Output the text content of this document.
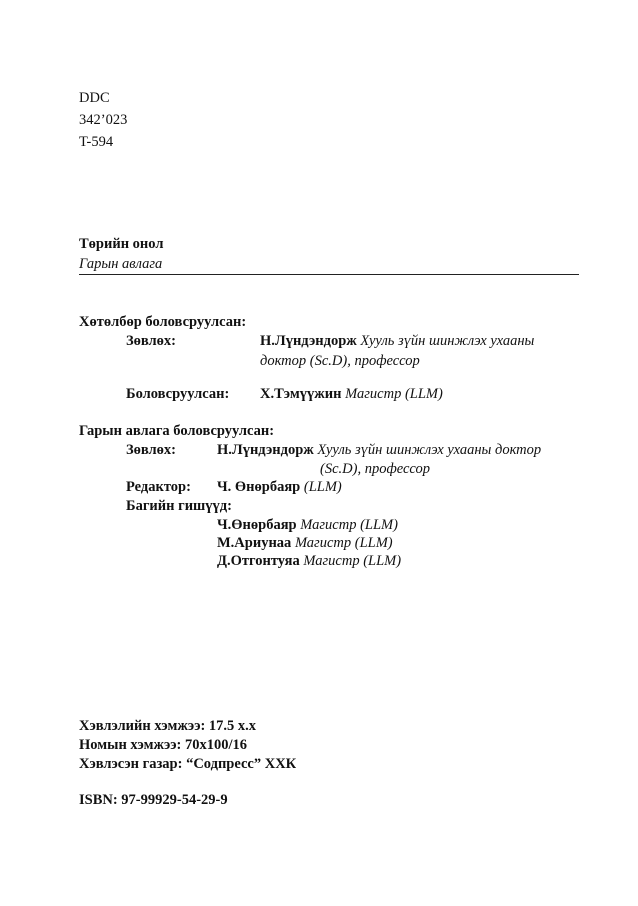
DDC
342’023
T-594
Төрийн онол
Гарын авлага
Хөтөлбөр боловсруулсан:
Зөвлөх:	Н.Лүндэндорж Хууль зүйн шинжлэх ухааны
доктор (Sc.D), профессор
Боловсруулсан: Х.Тэмүүжин Магистр (LLM)
Гарын авлага боловсруулсан:
Зөвлөх:	Н.Лүндэндорж Хууль зүйн шинжлэх ухааны доктор
(Sc.D), профессор
Редактор: Ч. Өнөрбаяр (LLM)
Багийн гишүүд:
Ч.Өнөрбаяр Магистр (LLM)
М.Ариунаа Магистр (LLM)
Д.Отгонтуяа Магистр (LLM)
Хэвлэлийн хэмжээ: 17.5 х.х
Номын хэмжээ: 70x100/16
Хэвлэсэн газар: “Содпресс” ХХК
ISBN: 97-99929-54-29-9
